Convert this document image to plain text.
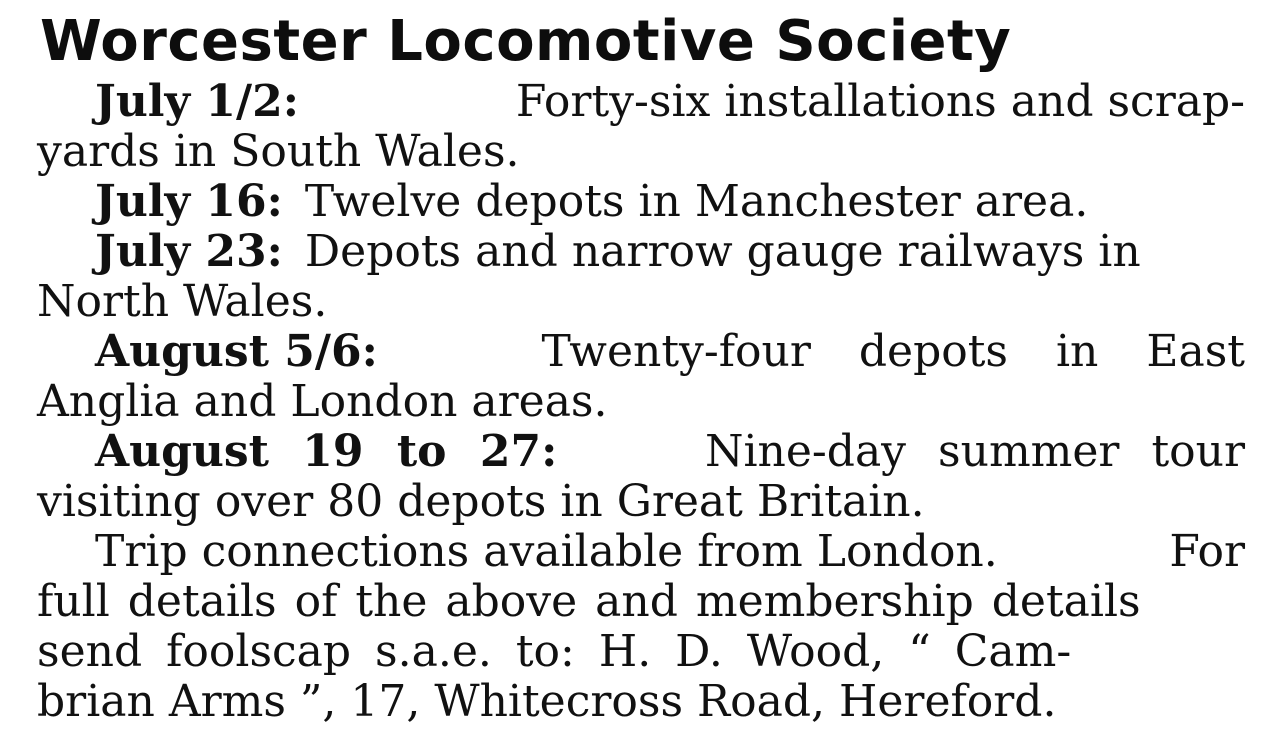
Worcester Locomotive Society
July 1/2:	Forty-six installations and scrap-
yards in South Wales.
July 16: Twelve depots in Manchester area.
July 23: Depots and narrow gauge railways in
North Wales.
August 5/6:	Twenty-four depots in East
Anglia and London areas.
August 19 to 27:	Nine-day summer tour
visiting over 80 depots in Great Britain.
Trip connections available from London.	For
full details of the above and membership details
send foolscap s.a.e. to: H. D. Wood, “ Cam-
brian Arms ”, 17, Whitecross Road, Hereford.
